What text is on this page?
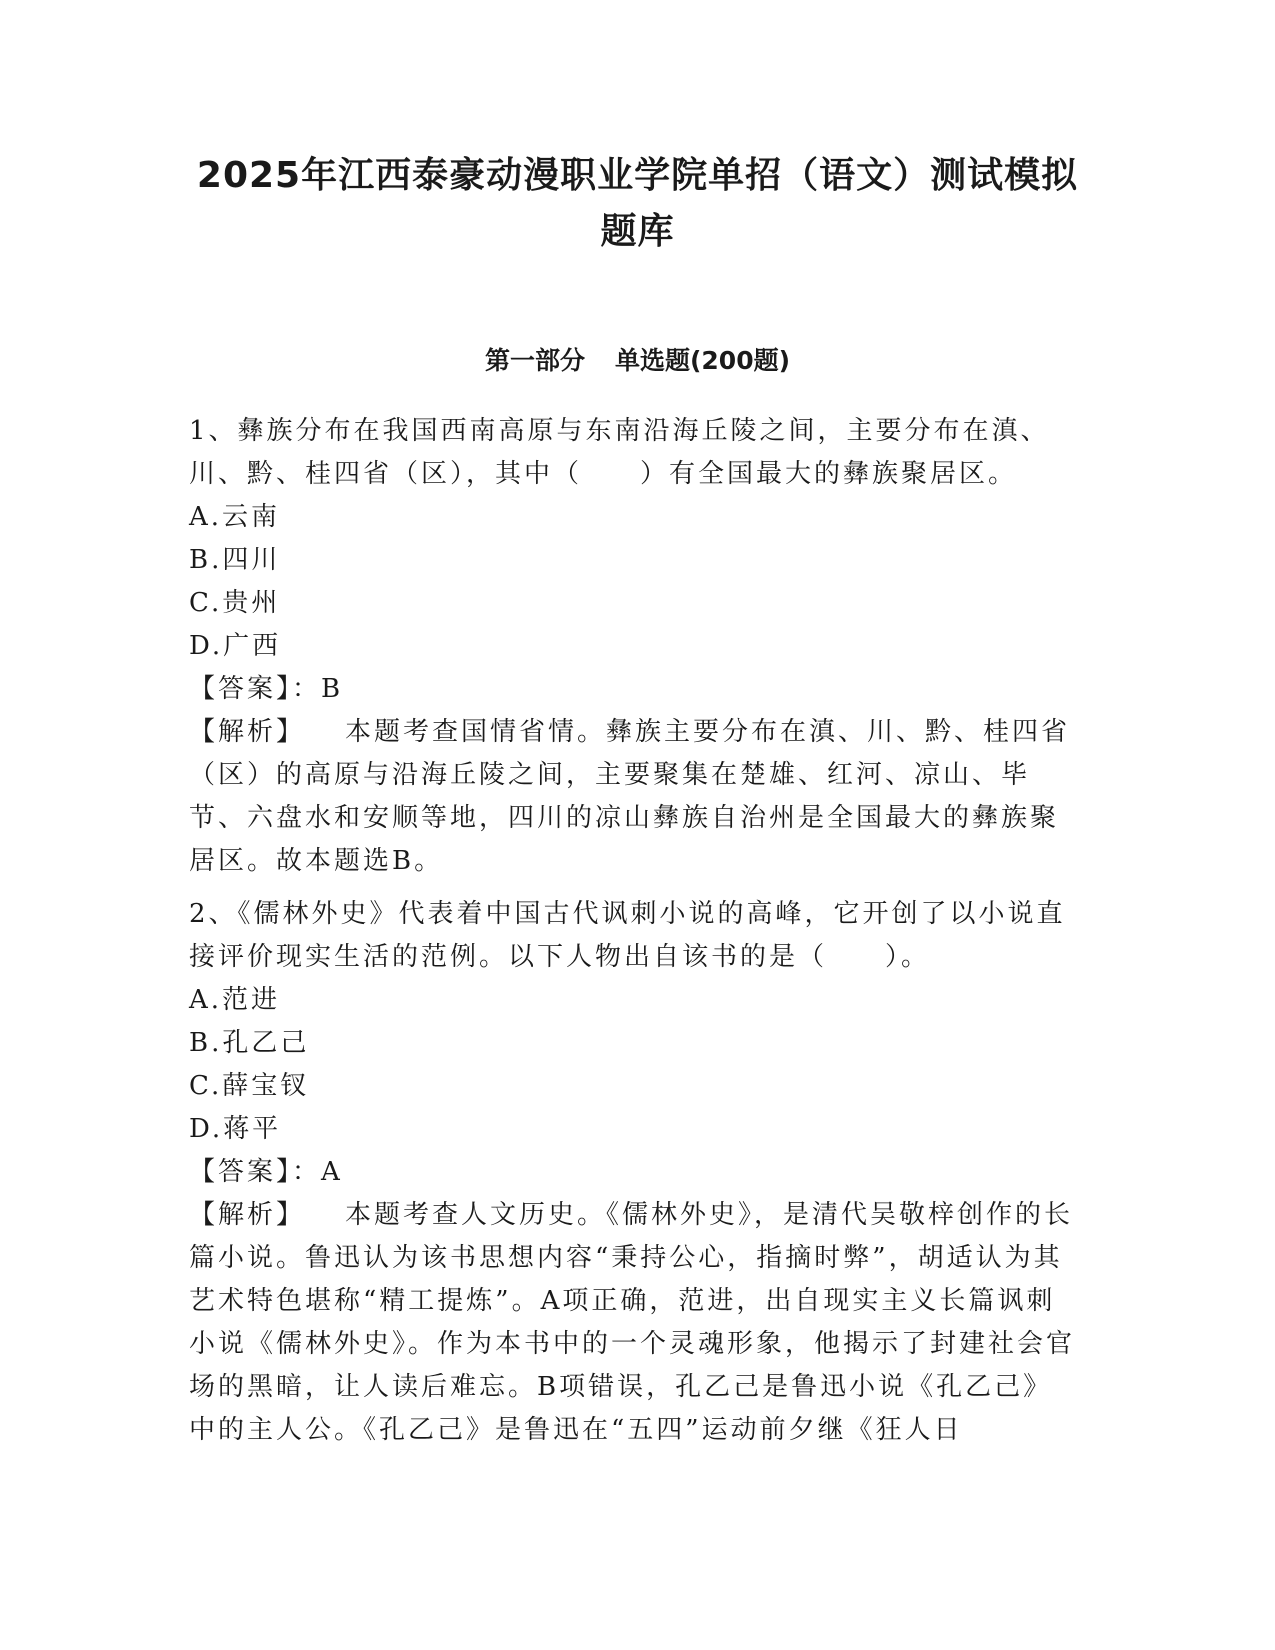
2025年江西泰豪动漫职业学院单招（语文）测试模拟
题库
第一部分 单选题(200题)

1、彝族分布在我国西南高原与东南沿海丘陵之间，主要分布在滇、川、黔、桂四省（区），其中（　　）有全国最大的彝族聚居区。

A.云南

B.四川

C.贵州

D.广西

【答案】：B

【解析】 本题考查国情省情。彝族主要分布在滇、川、黔、桂四省（区）的高原与沿海丘陵之间，主要聚集在楚雄、红河、凉山、毕节、六盘水和安顺等地，四川的凉山彝族自治州是全国最大的彝族聚居区。故本题选B。

2、《儒林外史》代表着中国古代讽刺小说的高峰，它开创了以小说直接评价现实生活的范例。以下人物出自该书的是（　　）。

A.范进

B.孔乙己

C.薛宝钗

D.蒋平

【答案】：A

【解析】 本题考查人文历史。《儒林外史》，是清代吴敬梓创作的长篇小说。鲁迅认为该书思想内容“秉持公心，指摘时弊”，胡适认为其艺术特色堪称“精工提炼”。A项正确，范进，出自现实主义长篇讽刺小说《儒林外史》。作为本书中的一个灵魂形象，他揭示了封建社会官场的黑暗，让人读后难忘。B项错误，孔乙己是鲁迅小说《孔乙己》中的主人公。《孔乙己》是鲁迅在“五四”运动前夕继《狂人日
